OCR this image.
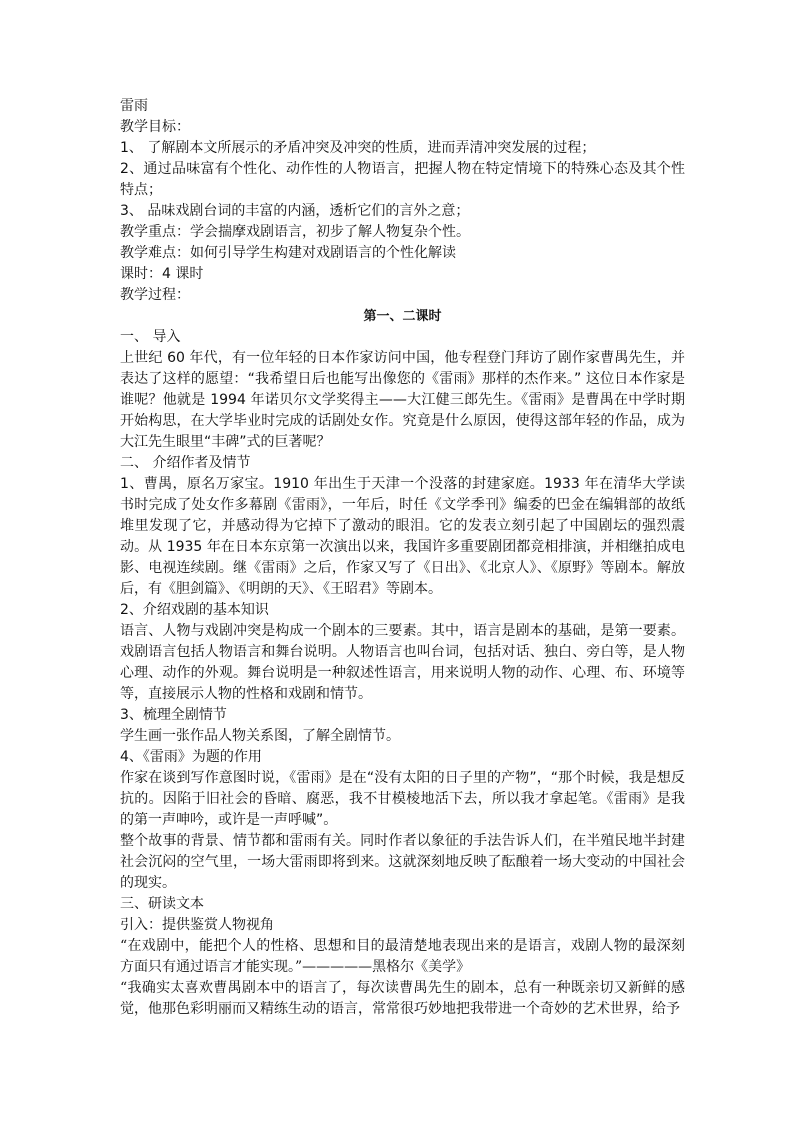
雷雨

教学目标：

1、 了解剧本文所展示的矛盾冲突及冲突的性质，进而弄清冲突发展的过程；

2、通过品味富有个性化、动作性的人物语言，把握人物在特定情境下的特殊心态及其个性特点；

3、 品味戏剧台词的丰富的内涵，透析它们的言外之意；

教学重点：学会揣摩戏剧语言，初步了解人物复杂个性。

教学难点：如何引导学生构建对戏剧语言的个性化解读

课时：4 课时

教学过程：

第一、二课时

一、 导入

上世纪 60 年代，有一位年轻的日本作家访问中国，他专程登门拜访了剧作家曹禺先生，并表达了这样的愿望：“我希望日后也能写出像您的《雷雨》那样的杰作来。” 这位日本作家是谁呢？他就是 1994 年诺贝尔文学奖得主——大江健三郎先生。《雷雨》是曹禺在中学时期开始构思，在大学毕业时完成的话剧处女作。究竟是什么原因，使得这部年轻的作品，成为大江先生眼里“丰碑”式的巨著呢？

二、 介绍作者及情节

1、曹禺，原名万家宝。1910 年出生于天津一个没落的封建家庭。1933 年在清华大学读书时完成了处女作多幕剧《雷雨》，一年后，时任《文学季刊》编委的巴金在编辑部的故纸堆里发现了它，并感动得为它掉下了激动的眼泪。它的发表立刻引起了中国剧坛的强烈震动。从 1935 年在日本东京第一次演出以来，我国许多重要剧团都竞相排演，并相继拍成电影、电视连续剧。继《雷雨》之后，作家又写了《日出》、《北京人》、《原野》等剧本。解放后，有《胆剑篇》、《明朗的天》、《王昭君》等剧本。

2、介绍戏剧的基本知识

语言、人物与戏剧冲突是构成一个剧本的三要素。其中，语言是剧本的基础，是第一要素。戏剧语言包括人物语言和舞台说明。人物语言也叫台词，包括对话、独白、旁白等，是人物心理、动作的外观。舞台说明是一种叙述性语言，用来说明人物的动作、心理、布、环境等等，直接展示人物的性格和戏剧和情节。

3、梳理全剧情节

学生画一张作品人物关系图，了解全剧情节。

4、《雷雨》为题的作用

作家在谈到写作意图时说，《雷雨》是在“没有太阳的日子里的产物”，“那个时候，我是想反抗的。因陷于旧社会的昏暗、腐恶，我不甘模棱地活下去，所以我才拿起笔。《雷雨》是我的第一声呻吟，或许是一声呼喊”。

整个故事的背景、情节都和雷雨有关。同时作者以象征的手法告诉人们，在半殖民地半封建社会沉闷的空气里，一场大雷雨即将到来。这就深刻地反映了酝酿着一场大变动的中国社会的现实。

三、研读文本

引入：提供鉴赏人物视角

“在戏剧中，能把个人的性格、思想和目的最清楚地表现出来的是语言，戏剧人物的最深刻方面只有通过语言才能实现。”—————黑格尔《美学》

“我确实太喜欢曹禺剧本中的语言了，每次读曹禺先生的剧本，总有一种既亲切又新鲜的感觉，他那色彩明丽而又精练生动的语言，常常很巧妙地把我带进一个奇妙的艺术世界，给予
